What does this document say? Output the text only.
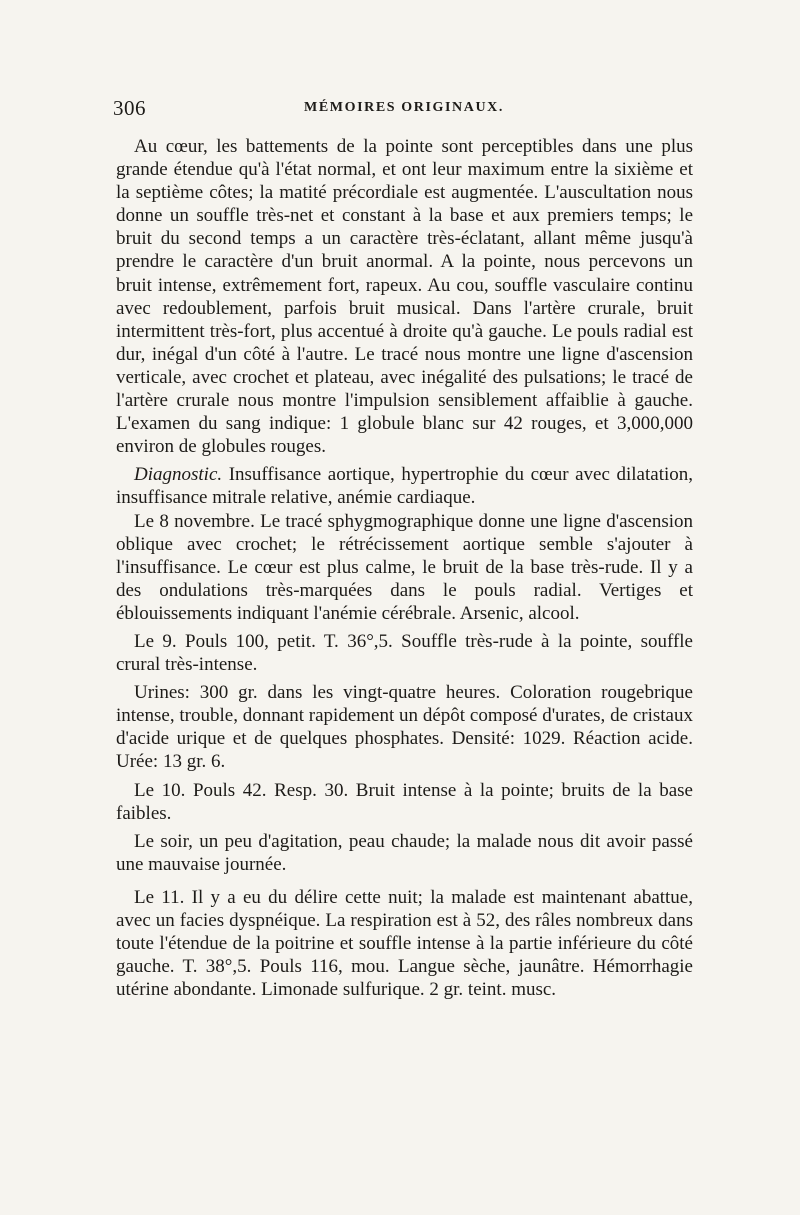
306	MÉMOIRES ORIGINAUX.

Au cœur, les battements de la pointe sont perceptibles dans une plus grande étendue qu'à l'état normal, et ont leur maximum entre la sixième et la septième côtes; la matité précordiale est augmentée. L'auscultation nous donne un souffle très-net et constant à la base et aux premiers temps; le bruit du second temps a un caractère très-éclatant, allant même jusqu'à prendre le caractère d'un bruit anormal. A la pointe, nous percevons un bruit intense, extrêmement fort, rapeux. Au cou, souffle vasculaire continu avec redoublement, parfois bruit musical. Dans l'artère crurale, bruit intermittent très-fort, plus accentué à droite qu'à gauche. Le pouls radial est dur, inégal d'un côté à l'autre. Le tracé nous montre une ligne d'ascension verticale, avec crochet et plateau, avec inégalité des pulsations; le tracé de l'artère crurale nous montre l'impulsion sensiblement affaiblie à gauche. L'examen du sang indique: 1 globule blanc sur 42 rouges, et 3,000,000 environ de globules rouges.

Diagnostic. Insuffisance aortique, hypertrophie du cœur avec dilatation, insuffisance mitrale relative, anémie cardiaque.

Le 8 novembre. Le tracé sphygmographique donne une ligne d'ascension oblique avec crochet; le rétrécissement aortique semble s'ajouter à l'insuffisance. Le cœur est plus calme, le bruit de la base très-rude. Il y a des ondulations très-marquées dans le pouls radial. Vertiges et éblouissements indiquant l'anémie cérébrale. Arsenic, alcool.

Le 9. Pouls 100, petit. T. 36°,5. Souffle très-rude à la pointe, souffle crural très-intense.

Urines: 300 gr. dans les vingt-quatre heures. Coloration rougebrique intense, trouble, donnant rapidement un dépôt composé d'urates, de cristaux d'acide urique et de quelques phosphates. Densité: 1029. Réaction acide. Urée: 13 gr. 6.

Le 10. Pouls 42. Resp. 30. Bruit intense à la pointe; bruits de la base faibles.

Le soir, un peu d'agitation, peau chaude; la malade nous dit avoir passé une mauvaise journée.

Le 11. Il y a eu du délire cette nuit; la malade est maintenant abattue, avec un facies dyspnéique. La respiration est à 52, des râles nombreux dans toute l'étendue de la poitrine et souffle intense à la partie inférieure du côté gauche. T. 38°,5. Pouls 116, mou. Langue sèche, jaunâtre. Hémorrhagie utérine abondante. Limonade sulfurique. 2 gr. teint. musc.
